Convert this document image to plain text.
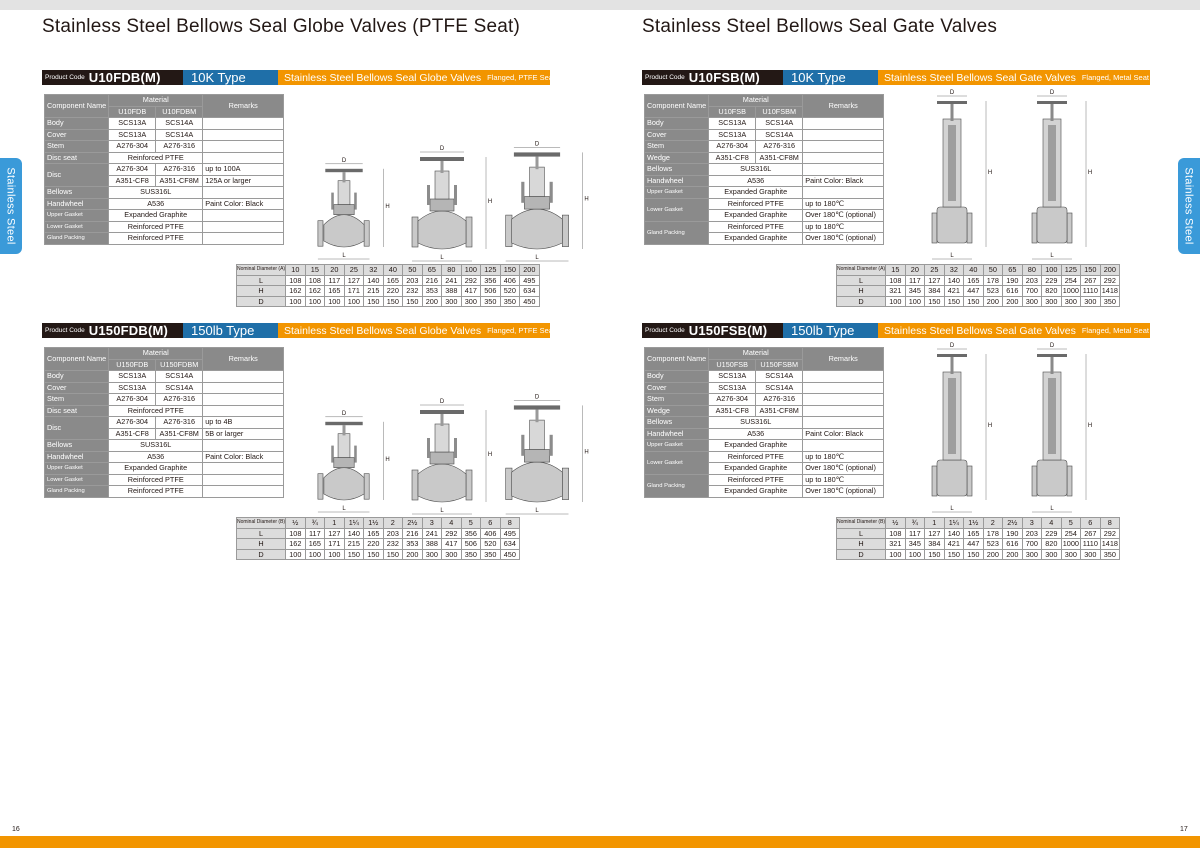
Stainless Steel	Stainless Steel
Stainless Steel Bellows Seal Globe Valves (PTFE Seat)	Stainless Steel Bellows Seal Gate Valves
Product Code U10FDB(M)	10K Type	Stainless Steel Bellows Seal Globe Valves Flanged, PTFE Seat
Component Name	Material		Remarks
	U10FDB	U10FDBM	
Body	SCS13A	SCS14A	
Cover	SCS13A	SCS14A	
Stem	A276-304	A276-316	
Disc seat	Reinforced PTFE		
Disc	A276-304	A276-316	up to 100A
	A351-CF8	A351-CF8M	125A or larger
Bellows	SUS316L		
Handwheel	A536		Paint Color: Black
Upper Gasket	Expanded Graphite		
Lower Gasket	Reinforced PTFE		
Gland Packing	Reinforced PTFE		
Nominal Diameter (A)	10	15	20	25	32	40	50	65	80	100	125	150	200
L	108	108	117	127	140	165	203	216	241	292	356	406	495
H	162	162	165	171	215	220	232	353	388	417	506	520	634
D	100	100	100	100	150	150	150	200	300	300	350	350	450
D
H
L
D
H
L
D
H
L
Product Code U150FDB(M)	150lb Type	Stainless Steel Bellows Seal Globe Valves Flanged, PTFE Seat
Component Name	Material		Remarks
	U150FDB	U150FDBM	
Body	SCS13A	SCS14A	
Cover	SCS13A	SCS14A	
Stem	A276-304	A276-316	
Disc seat	Reinforced PTFE		
Disc	A276-304	A276-316	up to 4B
	A351-CF8	A351-CF8M	5B or larger
Bellows	SUS316L		
Handwheel	A536		Paint Color: Black
Upper Gasket	Expanded Graphite		
Lower Gasket	Reinforced PTFE		
Gland Packing	Reinforced PTFE		
Nominal Diameter (B)	½	¾	1	1¼	1½	2	2½	3	4	5	6	8
L	108	117	127	140	165	203	216	241	292	356	406	495
H	162	165	171	215	220	232	353	388	417	506	520	634
D	100	100	100	150	150	150	200	300	300	350	350	450
D
H
L
D
H
L
D
H
L
Product Code U10FSB(M)	10K Type	Stainless Steel Bellows Seal Gate Valves Flanged, Metal Seat
Component Name	Material		Remarks
	U10FSB	U10FSBM	
Body	SCS13A	SCS14A	
Cover	SCS13A	SCS14A	
Stem	A276-304	A276-316	
Wedge	A351-CF8	A351-CF8M	
Bellows	SUS316L		
Handwheel	A536		Paint Color: Black
Upper Gasket	Expanded Graphite		
Lower Gasket	Reinforced PTFE		up to 180℃
	Expanded Graphite		Over 180℃ (optional)
Gland Packing	Reinforced PTFE		up to 180℃
	Expanded Graphite		Over 180℃ (optional)
Nominal Diameter (A)	15	20	25	32	40	50	65	80	100	125	150	200
L	108	117	127	140	165	178	190	203	229	254	267	292
H	321	345	384	421	447	523	616	700	820	1000	1110	1418
D	100	100	150	150	150	200	200	300	300	300	300	350
D
H
L
D
H
L
Product Code U150FSB(M)	150lb Type	Stainless Steel Bellows Seal Gate Valves Flanged, Metal Seat
Component Name	Material		Remarks
	U150FSB	U150FSBM	
Body	SCS13A	SCS14A	
Cover	SCS13A	SCS14A	
Stem	A276-304	A276-316	
Wedge	A351-CF8	A351-CF8M	
Bellows	SUS316L		
Handwheel	A536		Paint Color: Black
Upper Gasket	Expanded Graphite		
Lower Gasket	Reinforced PTFE		up to 180℃
	Expanded Graphite		Over 180℃ (optional)
Gland Packing	Reinforced PTFE		up to 180℃
	Expanded Graphite		Over 180℃ (optional)
Nominal Diameter (B)	½	¾	1	1¼	1½	2	2½	3	4	5	6	8
L	108	117	127	140	165	178	190	203	229	254	267	292
H	321	345	384	421	447	523	616	700	820	1000	1110	1418
D	100	100	150	150	150	200	200	300	300	300	300	350
D
H
L
D
H
L
16	17
